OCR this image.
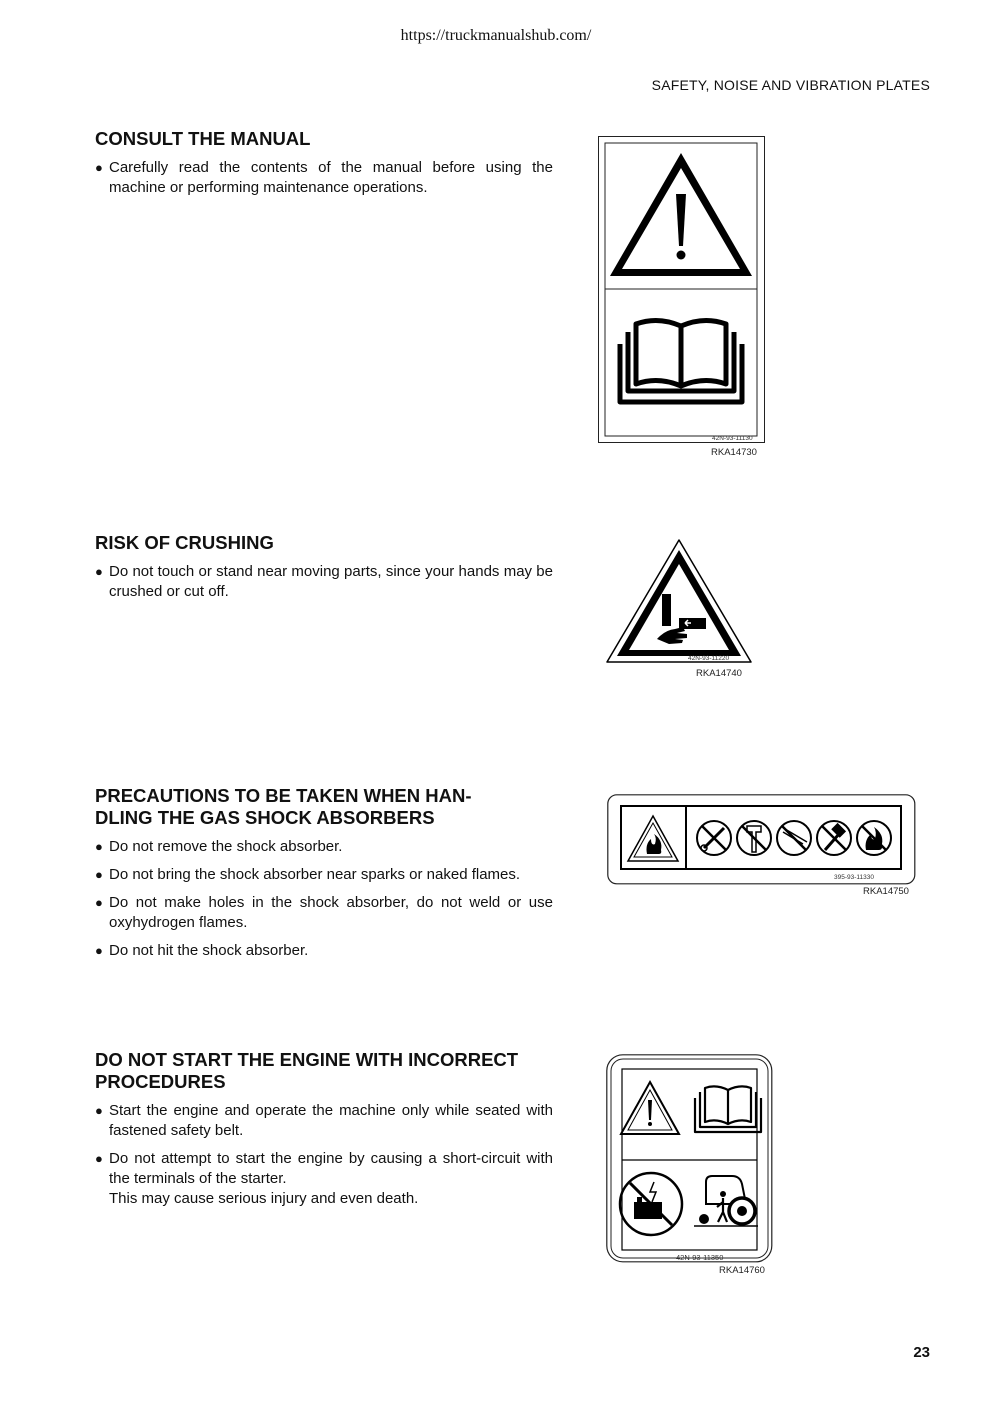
https://truckmanualshub.com/
SAFETY, NOISE AND VIBRATION PLATES
CONSULT THE MANUAL
● Carefully read the contents of the manual before using the machine or performing maintenance operations.
RISK OF CRUSHING
● Do not touch or stand near moving parts, since your hands may be crushed or cut off.
PRECAUTIONS TO BE TAKEN WHEN HAN-
DLING THE GAS SHOCK ABSORBERS
● Do not remove the shock absorber.
● Do not bring the shock absorber near sparks or naked flames.
● Do not make holes in the shock absorber, do not weld or use oxyhydrogen flames.
● Do not hit the shock absorber.
DO NOT START THE ENGINE WITH INCORRECT PROCEDURES
● Start the engine and operate the machine only while seated with fastened safety belt.
● Do not attempt to start the engine by causing a short-circuit with the terminals of the starter.
This may cause serious injury and even death.
42N-93-11130
RKA14730
42N-93-11220
RKA14740
395-93-11330
RKA14750
42N-93-11350
RKA14760
23
